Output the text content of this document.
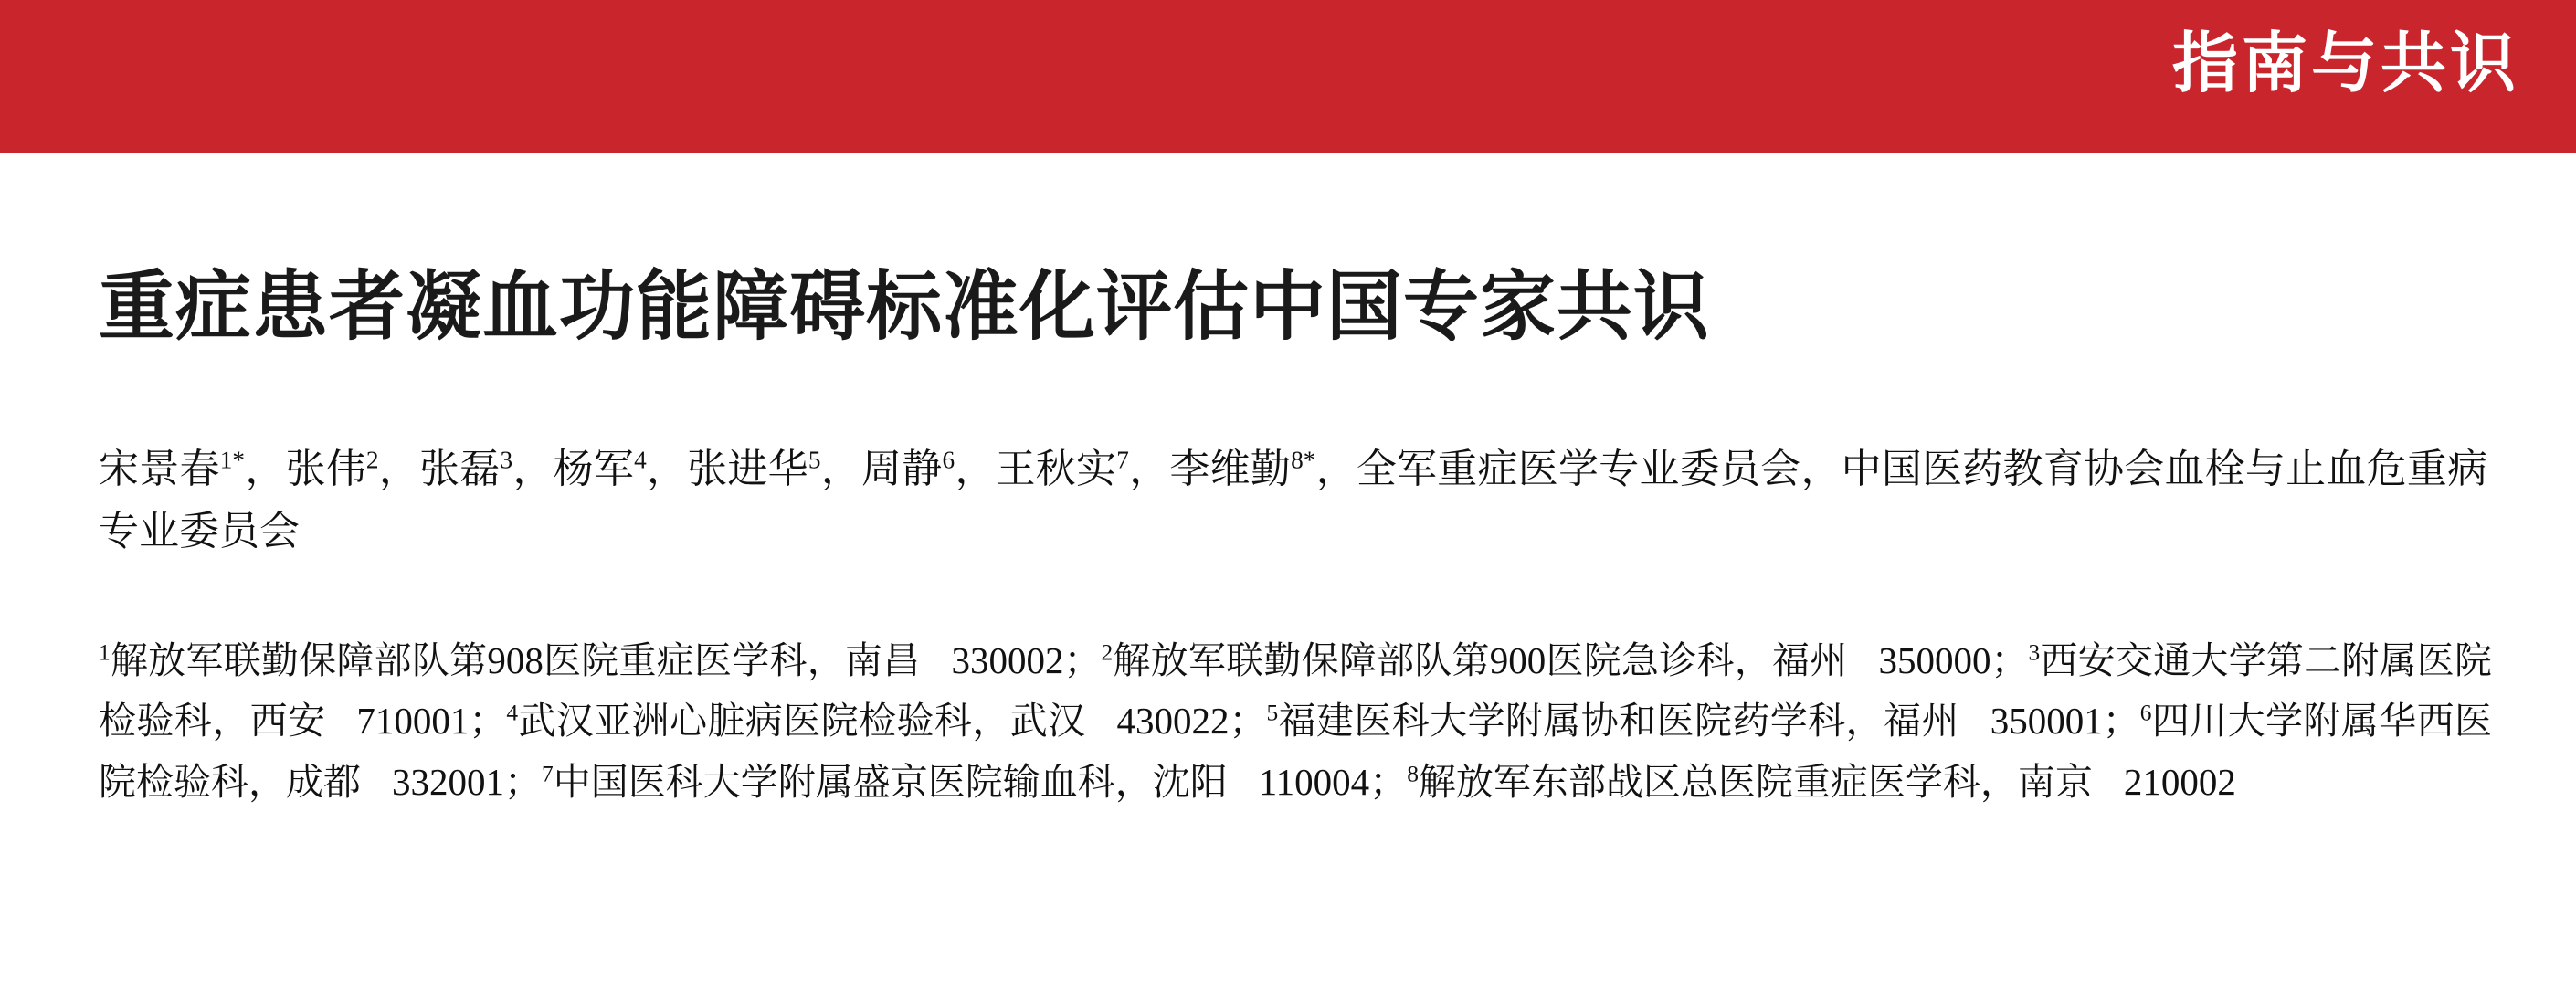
指南与共识
重症患者凝血功能障碍标准化评估中国专家共识
宋景春$^{1*}$，张伟$^2$，张磊$^3$，杨军$^4$，张进华$^5$，周静$^6$，王秋实$^7$，李维勤$^{8*}$，全军重症医学专业委员会，中国医药教育协会血栓与止血危重病专业委员会
$^1$解放军联勤保障部队第908医院重症医学科，南昌 330002；$^2$解放军联勤保障部队第900医院急诊科，福州 350000；$^3$西安交通大学第二附属医院检验科，西安 710001；$^4$武汉亚洲心脏病医院检验科，武汉 430022；$^5$福建医科大学附属协和医院药学科，福州 350001；$^6$四川大学附属华西医院检验科，成都 332001；$^7$中国医科大学附属盛京医院输血科，沈阳 110004；$^8$解放军东部战区总医院重症医学科，南京 210002
